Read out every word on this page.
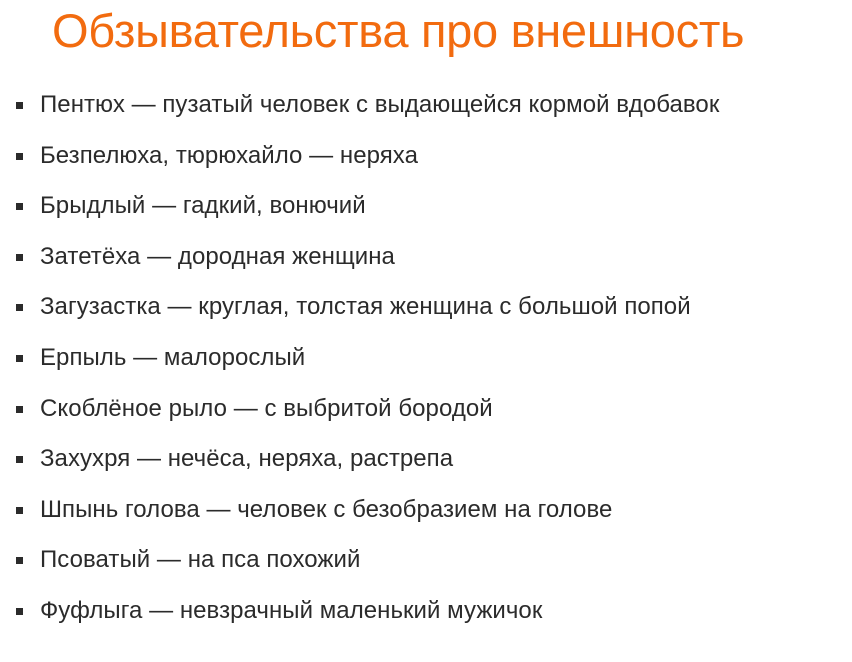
Обзывательства про внешность
Пентюх — пузатый человек с выдающейся кормой вдобавок
Безпелюха, тюрюхайло — неряха
Брыдлый — гадкий, вонючий
Затетёха — дородная женщина
Загузастка — круглая, толстая женщина с большой попой
Ерпыль — малорослый
Скоблёное рыло — с выбритой бородой
Захухря — нечёса, неряха, растрепа
Шпынь голова — человек с безобразием на голове
Псоватый — на пса похожий
Фуфлыга — невзрачный маленький мужичок
